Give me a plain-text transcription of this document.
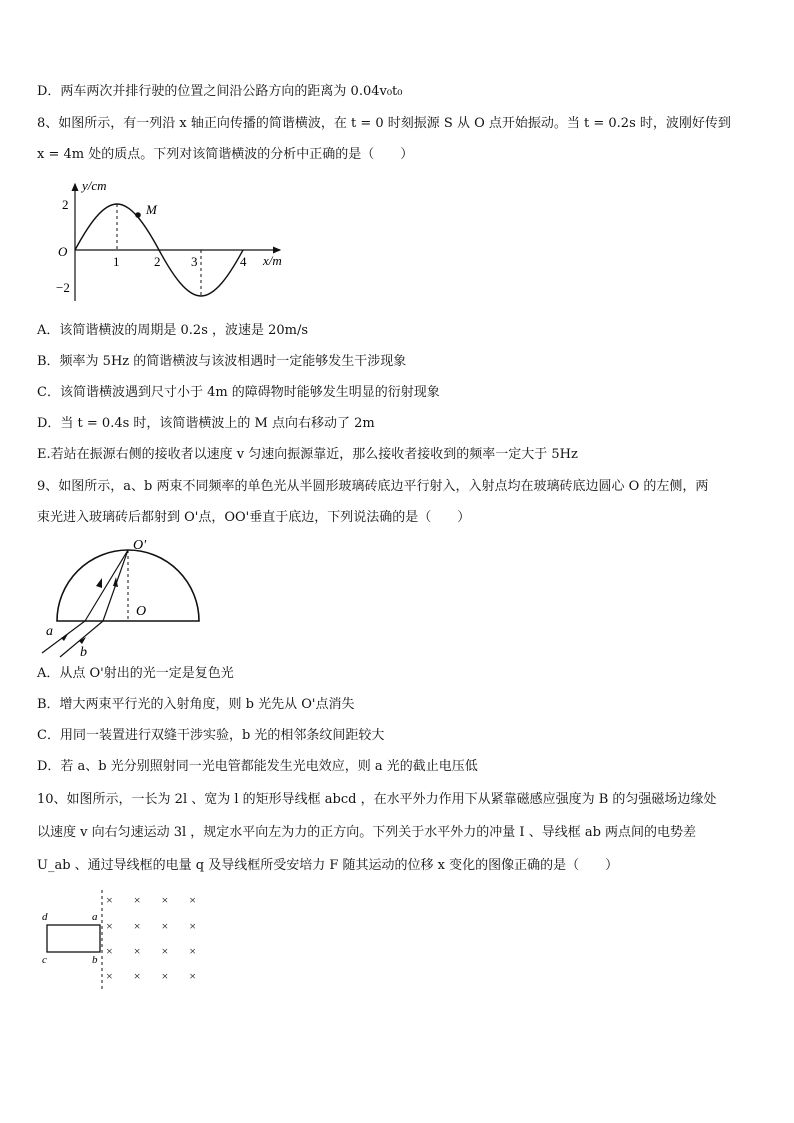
D．两车两次并排行驶的位置之间沿公路方向的距离为 0.04v₀t₀
8、如图所示，有一列沿 x 轴正向传播的简谐横波，在 t = 0 时刻振源 S 从 O 点开始振动。当 t = 0.2s 时，波刚好传到
x = 4m 处的质点。下列对该简谐横波的分析中正确的是（　　）
y/cm
x/m
O
M
2
−2
1	2 3	4
A．该简谐横波的周期是 0.2s ，波速是 20m/s
B．频率为 5Hz 的简谐横波与该波相遇时一定能够发生干涉现象
C．该简谐横波遇到尺寸小于 4m 的障碍物时能够发生明显的衍射现象
D．当 t = 0.4s 时，该简谐横波上的 M 点向右移动了 2m
E.若站在振源右侧的接收者以速度 v 匀速向振源靠近，那么接收者接收到的频率一定大于 5Hz
9、如图所示，a、b 两束不同频率的单色光从半圆形玻璃砖底边平行射入，入射点均在玻璃砖底边圆心 O 的左侧，两
束光进入玻璃砖后都射到 O'点，OO'垂直于底边，下列说法确的是（　　）
O'
O
a
b
A．从点 O'射出的光一定是复色光
B．增大两束平行光的入射角度，则 b 光先从 O'点消失
C．用同一装置进行双缝干涉实验，b 光的相邻条纹间距较大
D．若 a、b 光分别照射同一光电管都能发生光电效应，则 a 光的截止电压低
10、如图所示，一长为 2l 、宽为 l 的矩形导线框 abcd ，在水平外力作用下从紧靠磁感应强度为 B 的匀强磁场边缘处
以速度 v 向右匀速运动 3l ，规定水平向左为力的正方向。下列关于水平外力的冲量 I 、导线框 ab 两点间的电势差
U_ab 、通过导线框的电量 q 及导线框所受安培力 F 随其运动的位移 x 变化的图像正确的是（　　）
d	a
c	b
× × × ×
× × × ×
× × × ×
× × × ×
